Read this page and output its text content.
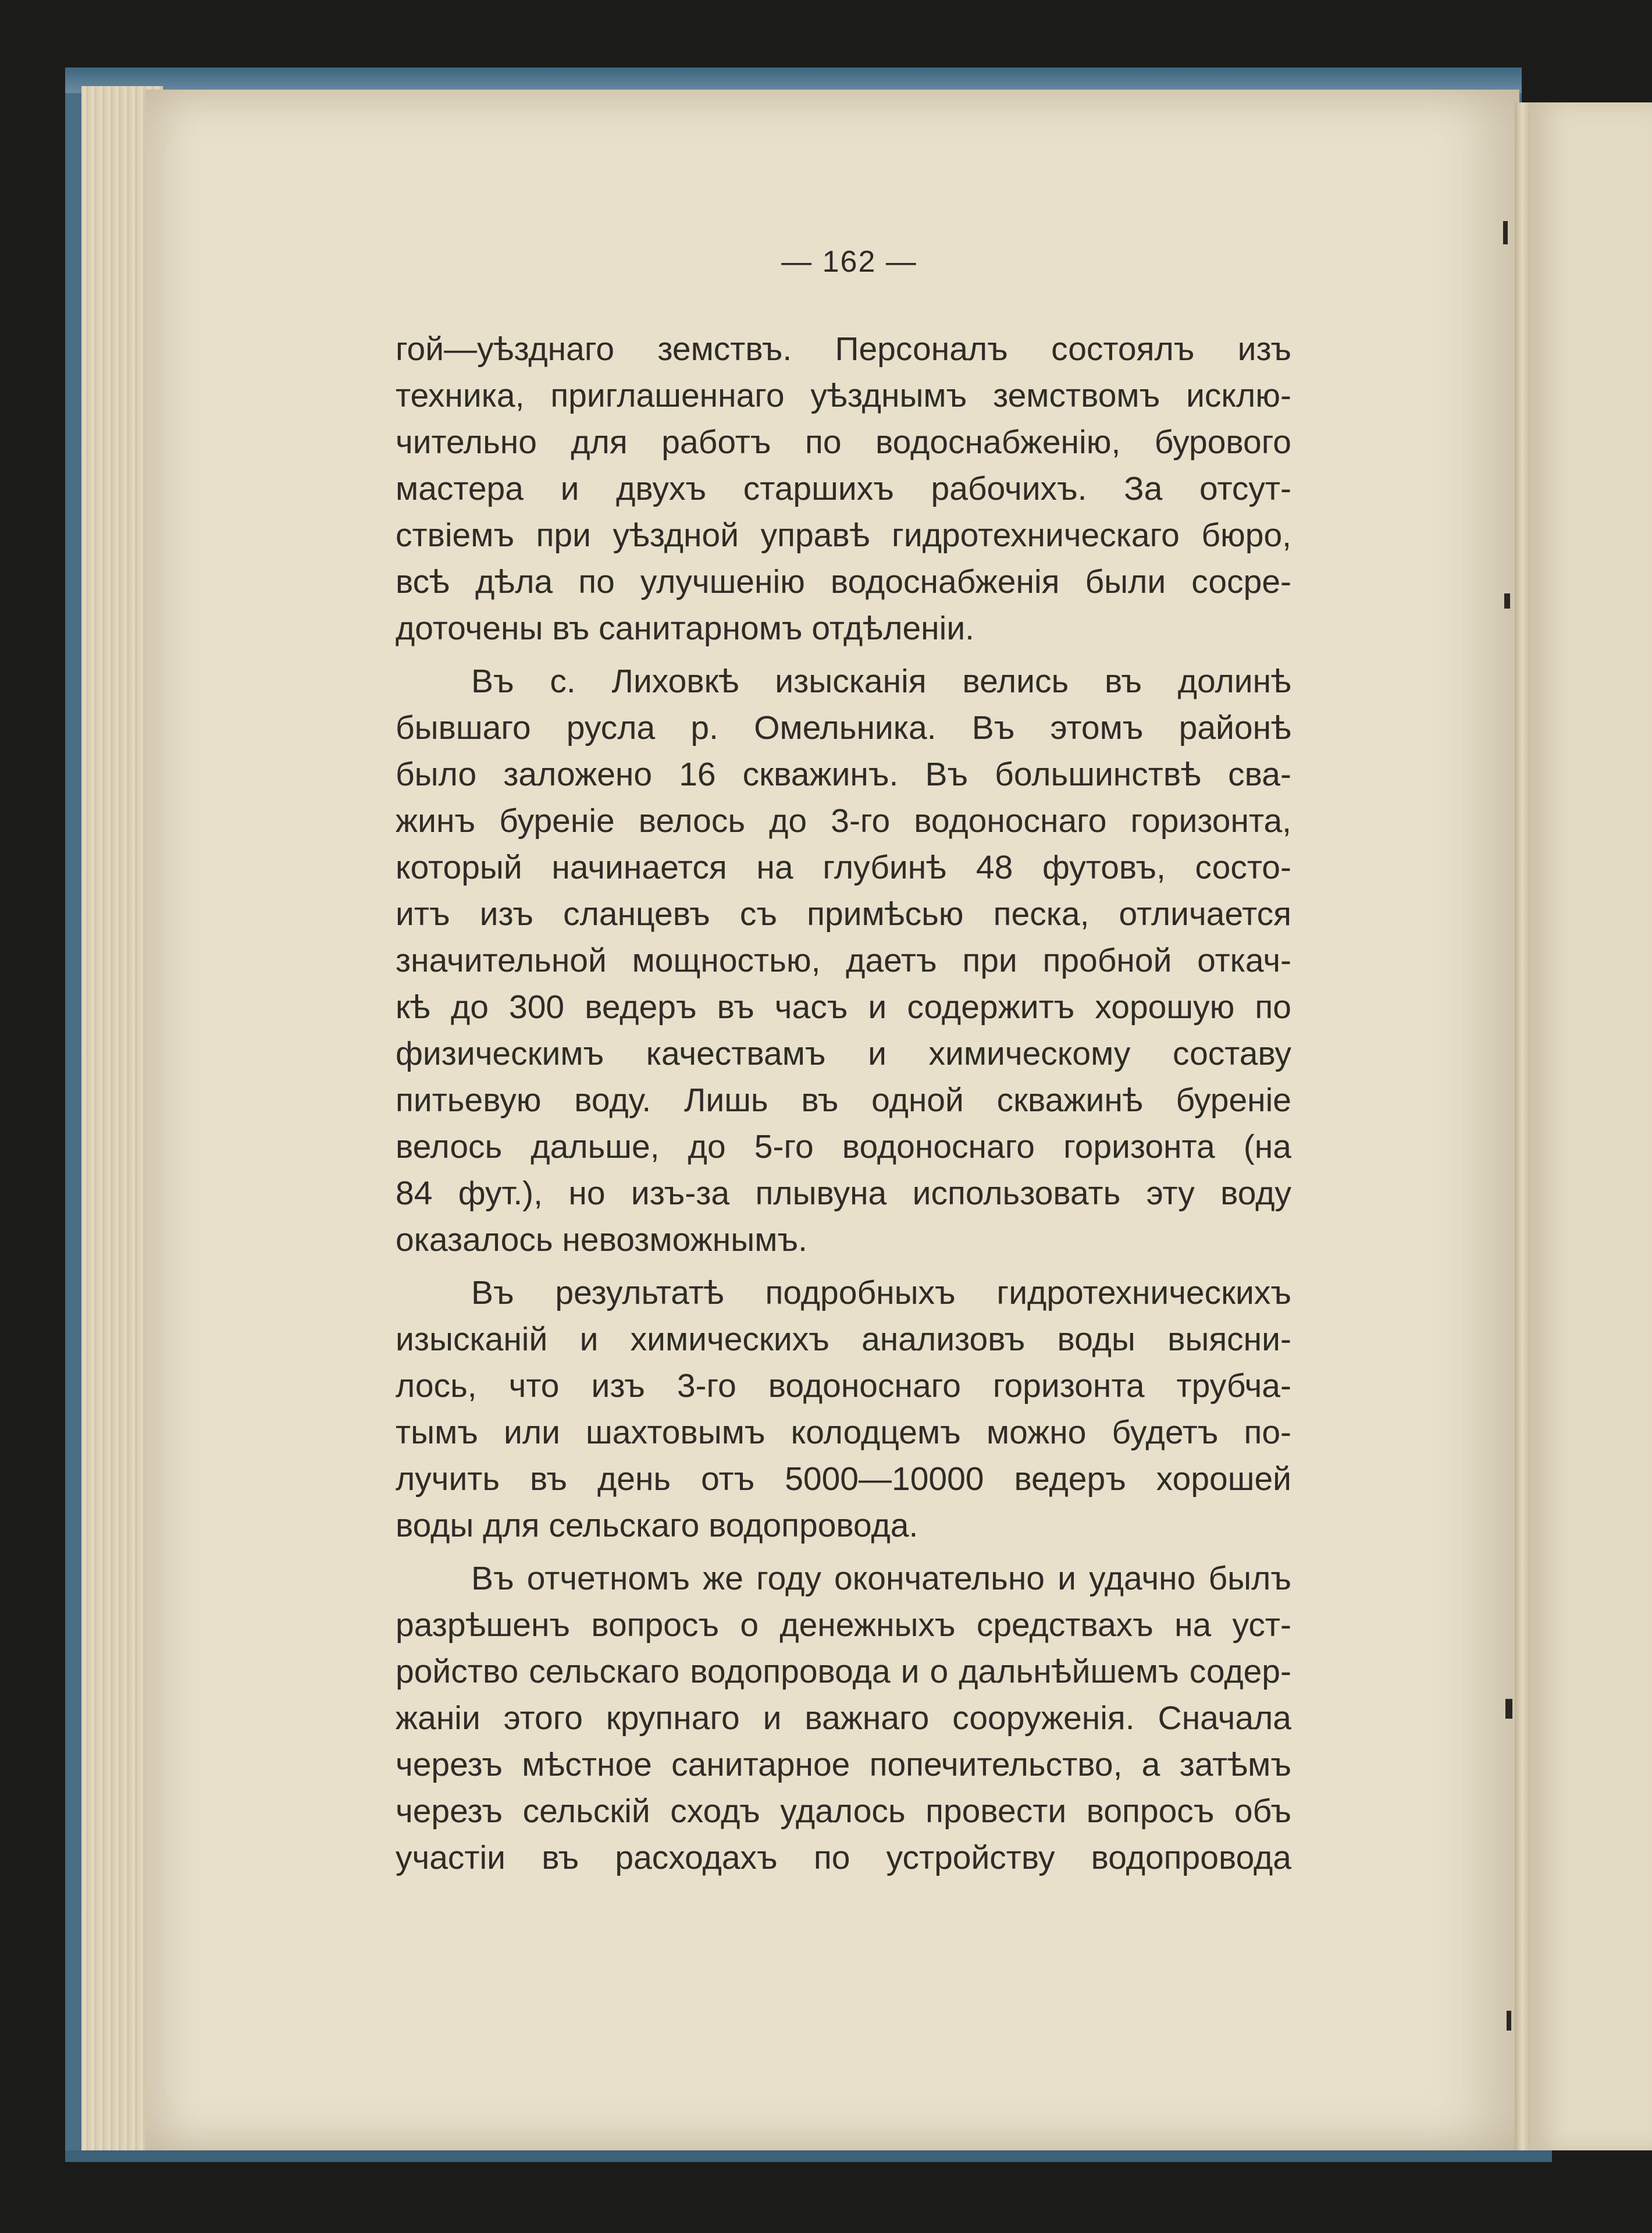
— 162 —
гой—уѣзднаго земствъ. Персоналъ состоялъ изъ
техника, приглашеннаго уѣзднымъ земствомъ исклю-
чительно для работъ по водоснабженію, бурового
мастера и двухъ старшихъ рабочихъ. За отсут-
ствіемъ при уѣздной управѣ гидротехническаго бюро,
всѣ дѣла по улучшенію водоснабженія были сосре-
доточены въ санитарномъ отдѣленіи.
Въ с. Лиховкѣ изысканія велись въ долинѣ
бывшаго русла р. Омельника. Въ этомъ районѣ
было заложено 16 скважинъ. Въ большинствѣ сва-
жинъ буреніе велось до 3-го водоноснаго горизонта,
который начинается на глубинѣ 48 футовъ, состо-
итъ изъ сланцевъ съ примѣсью песка, отличается
значительной мощностью, даетъ при пробной откач-
кѣ до 300 ведеръ въ часъ и содержитъ хорошую по
физическимъ качествамъ и химическому составу
питьевую воду. Лишь въ одной скважинѣ буреніе
велось дальше, до 5-го водоноснаго горизонта (на
84 фут.), но изъ-за плывуна использовать эту воду
оказалось невозможнымъ.
Въ результатѣ подробныхъ гидротехническихъ
изысканій и химическихъ анализовъ воды выясни-
лось, что изъ 3-го водоноснаго горизонта трубча-
тымъ или шахтовымъ колодцемъ можно будетъ по-
лучить въ день отъ 5000—10000 ведеръ хорошей
воды для сельскаго водопровода.
Въ отчетномъ же году окончательно и удачно былъ
разрѣшенъ вопросъ о денежныхъ средствахъ на уст-
ройство сельскаго водопровода и о дальнѣйшемъ содер-
жаніи этого крупнаго и важнаго сооруженія. Сначала
черезъ мѣстное санитарное попечительство, а затѣмъ
черезъ сельскій сходъ удалось провести вопросъ объ
участіи въ расходахъ по устройству водопровода
